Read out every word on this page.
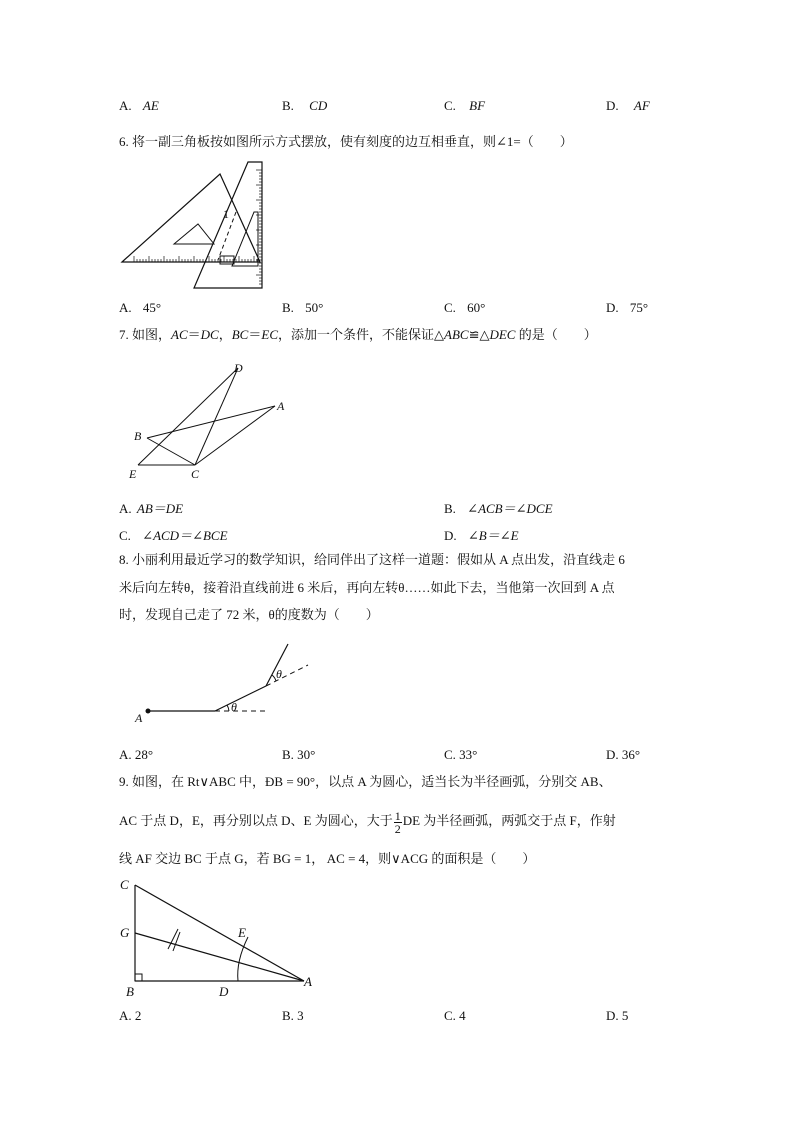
A. AE	B. CD	C. BF	D. AF
6. 将一副三角板按如图所示方式摆放，使有刻度的边互相垂直，则∠1=（　　）
1
A. 45°	B. 50°	C. 60°	D. 75°
7. 如图，AC＝DC，BC＝EC，添加一个条件，不能保证△ABC≌△DEC 的是（　　）
D
A
B
E	C
A. AB＝DE	B. ∠ACB＝∠DCE
C. ∠ACD＝∠BCE	D. ∠B＝∠E
8. 小丽利用最近学习的数学知识，给同伴出了这样一道题：假如从 A 点出发，沿直线走 6
米后向左转θ，接着沿直线前进 6 米后，再向左转θ……如此下去，当他第一次回到 A 点
时，发现自己走了 72 米，θ的度数为（　　）
A
θ
θ
A. 28°	B. 30°	C. 33°	D. 36°
9. 如图，在 Rt∨ABC 中，ÐB = 90°，以点 A 为圆心，适当长为半径画弧，分别交 AB、
AC 于点 D，E，再分别以点 D、E 为圆心，大于 $\frac{1}{2}$ DE 为半径画弧，两弧交于点 F，作射
线 AF 交边 BC 于点 G，若 BG = 1， AC = 4，则∨ACG 的面积是（　　）
C
G	E
B	D
A
A. 2	B. 3	C. 4	D. 5
